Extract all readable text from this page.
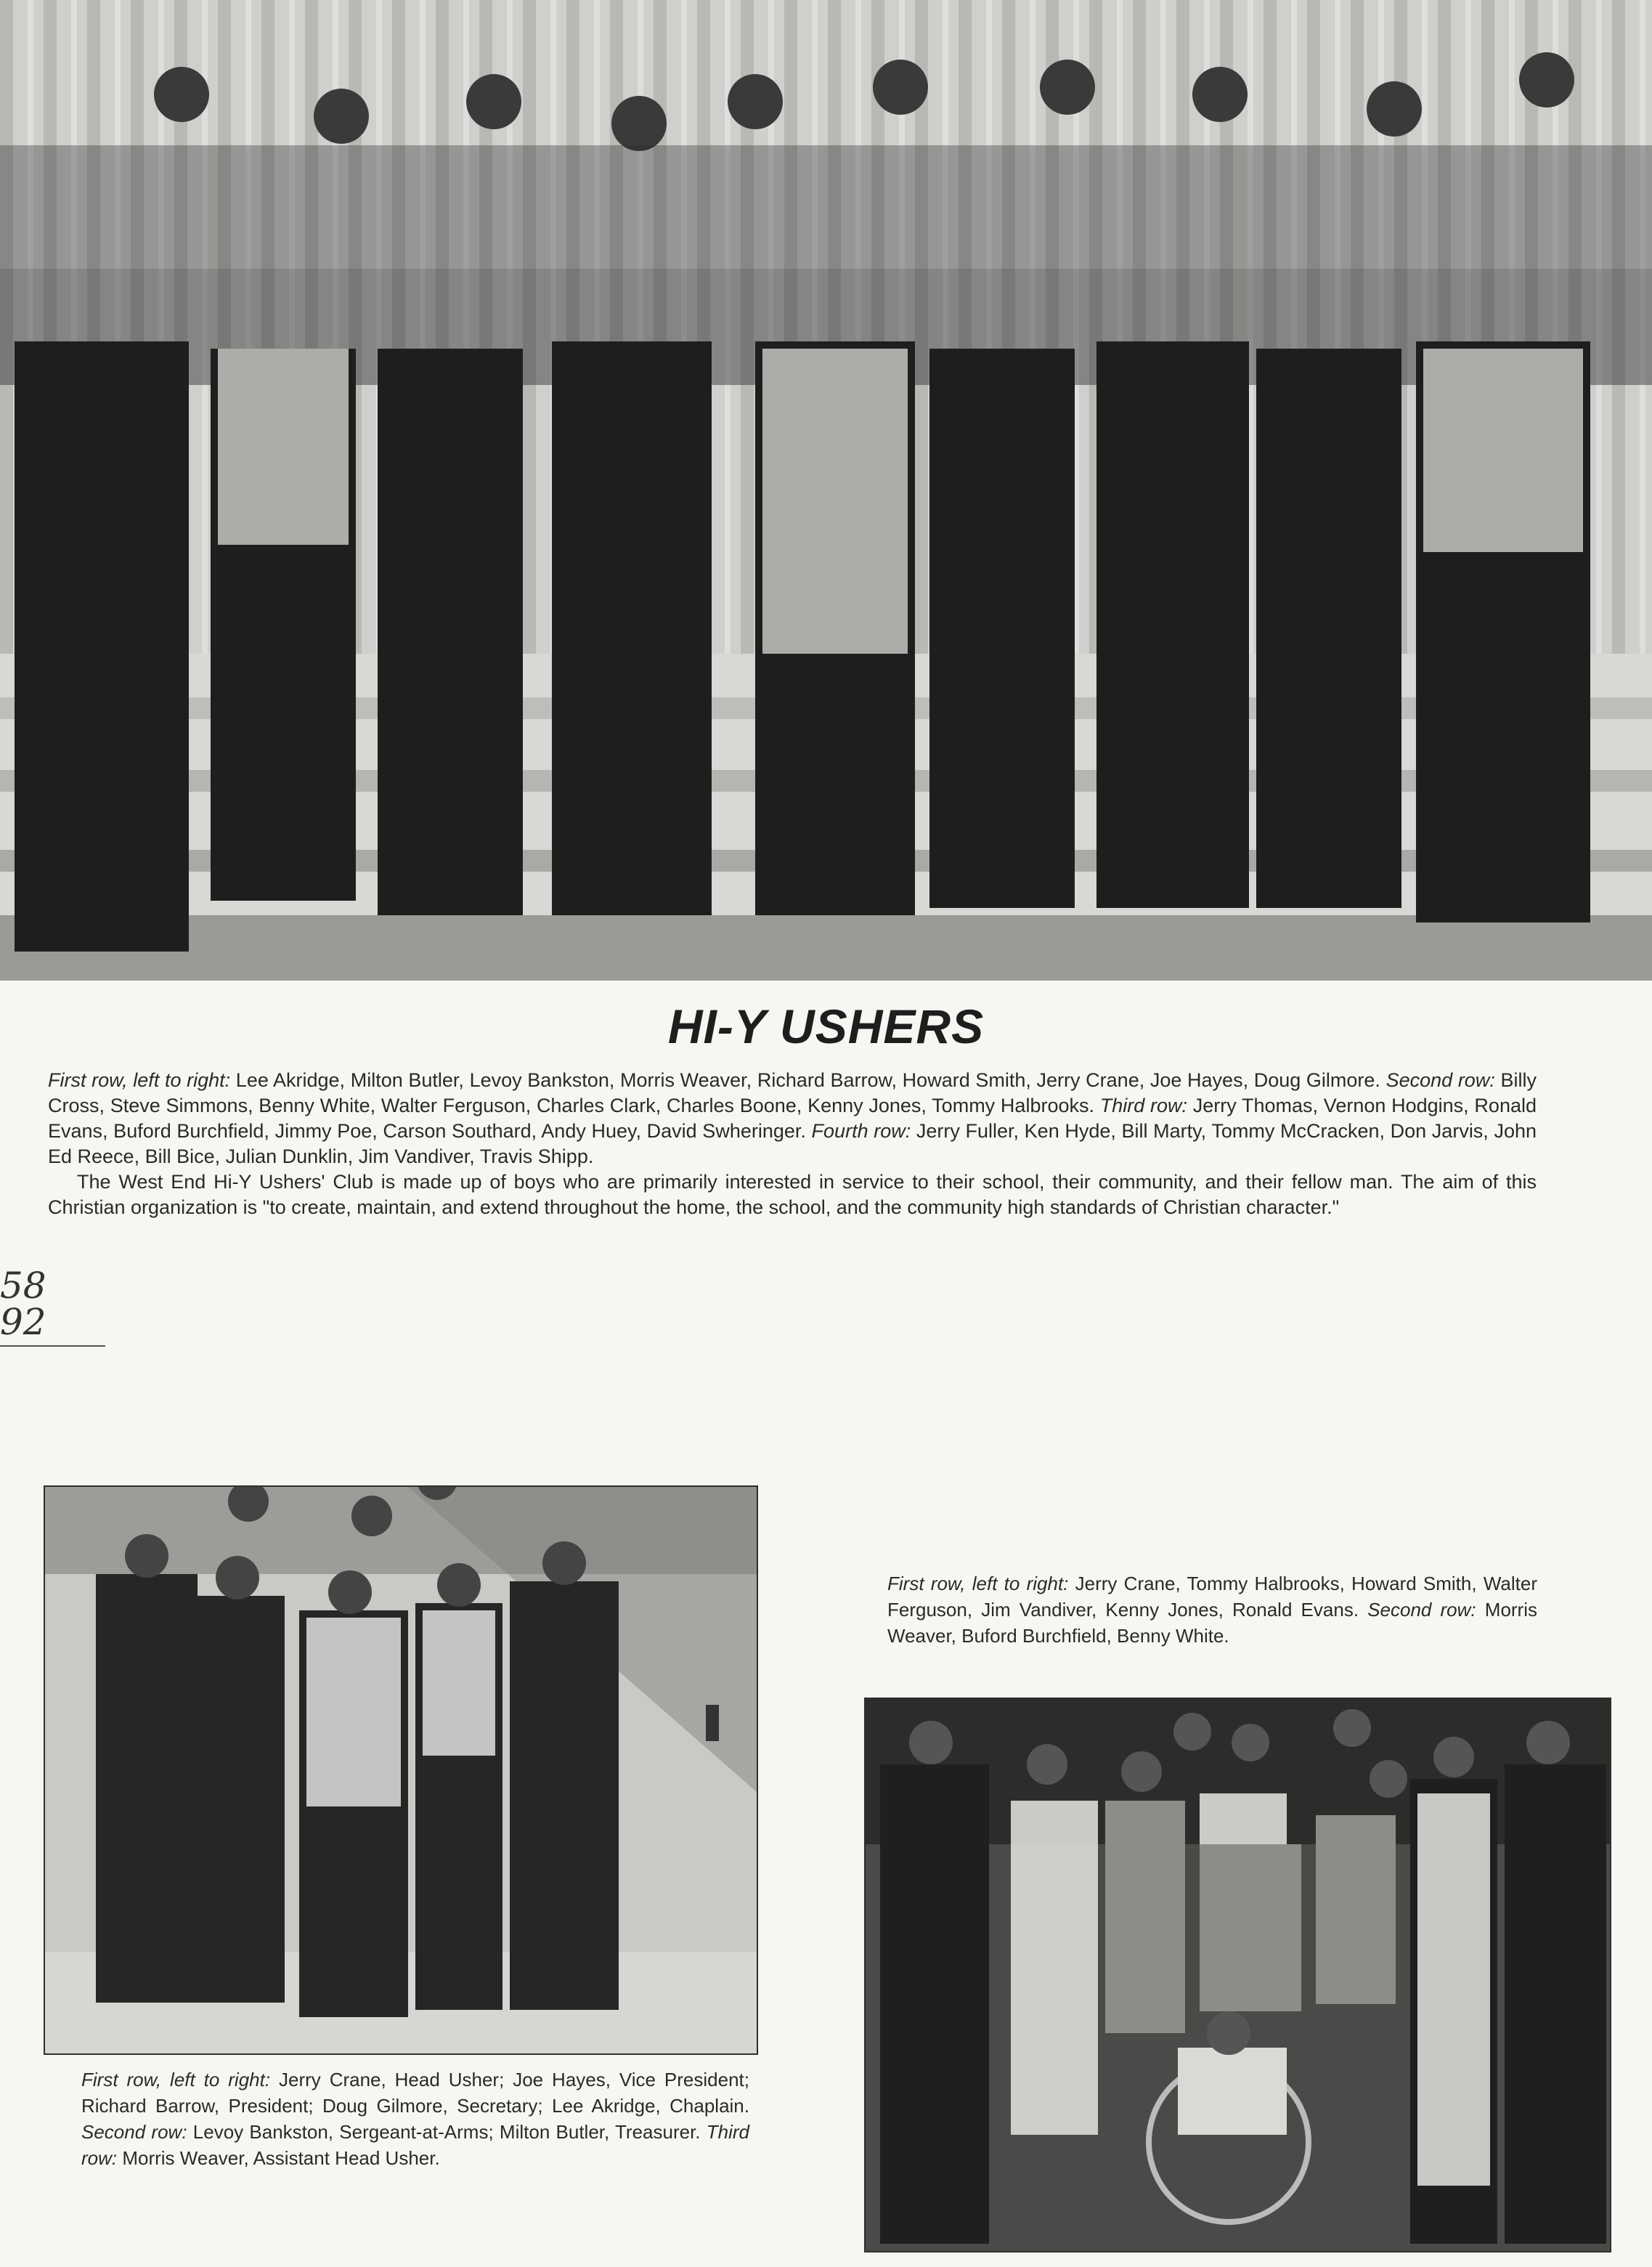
HI-Y USHERS
First row, left to right: Lee Akridge, Milton Butler, Levoy Bankston, Morris Weaver, Richard Barrow, Howard Smith, Jerry Crane, Joe Hayes, Doug Gilmore. Second row: Billy Cross, Steve Simmons, Benny White, Walter Ferguson, Charles Clark, Charles Boone, Kenny Jones, Tommy Halbrooks. Third row: Jerry Thomas, Vernon Hodgins, Ronald Evans, Buford Burchfield, Jimmy Poe, Carson Southard, Andy Huey, David Swheringer. Fourth row: Jerry Fuller, Ken Hyde, Bill Marty, Tommy McCracken, Don Jarvis, John Ed Reece, Bill Bice, Julian Dunklin, Jim Vandiver, Travis Shipp.
The West End Hi-Y Ushers' Club is made up of boys who are primarily interested in service to their school, their community, and their fellow man. The aim of this Christian organization is "to create, maintain, and extend throughout the home, the school, and the community high standards of Christian character."
58
92
First row, left to right: Jerry Crane, Head Usher; Joe Hayes, Vice President; Richard Barrow, President; Doug Gilmore, Secretary; Lee Akridge, Chaplain. Second row: Levoy Bankston, Sergeant-at-Arms; Milton Butler, Treasurer. Third row: Morris Weaver, Assistant Head Usher.
First row, left to right: Jerry Crane, Tommy Halbrooks, Howard Smith, Walter Ferguson, Jim Vandiver, Kenny Jones, Ronald Evans. Second row: Morris Weaver, Buford Burchfield, Benny White.
